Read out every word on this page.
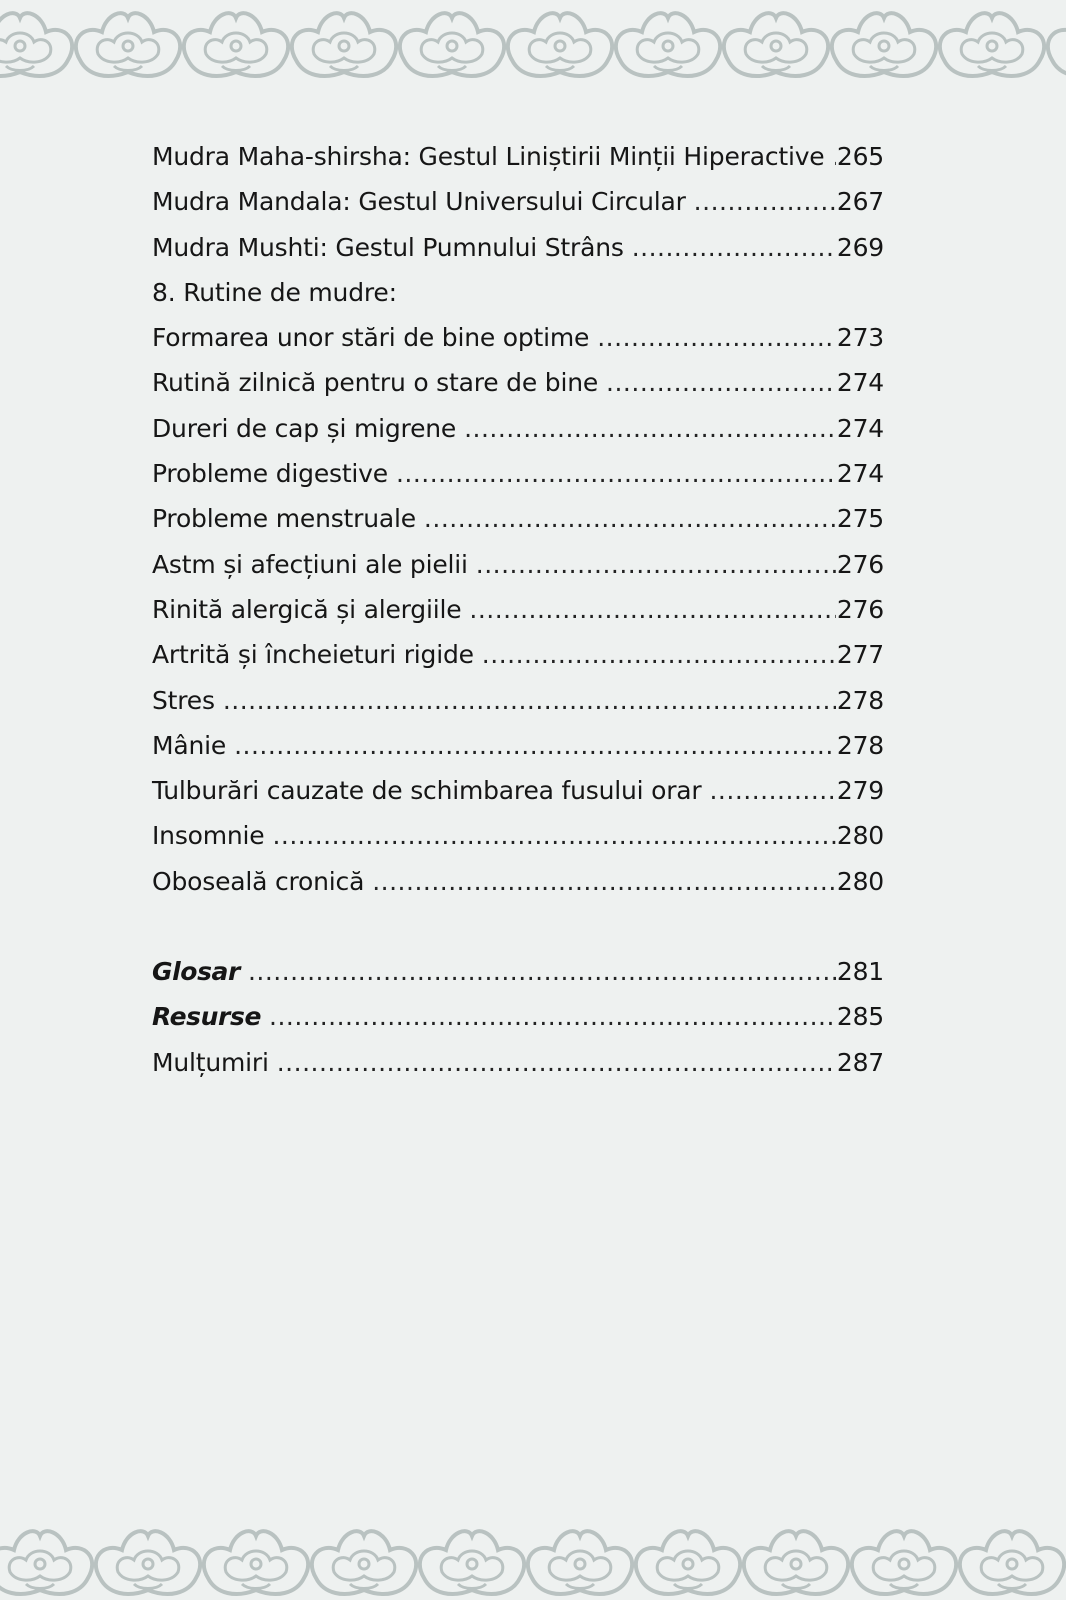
Mudra Maha-shirsha: Gestul Liniștirii Minții Hiperactive ..... 265
Mudra Mandala: Gestul Universului Circular .....	267
Mudra Mushti: Gestul Pumnului Strâns .....	269
8. Rutine de mudre:
Formarea unor stări de bine optime .....	273
Rutină zilnică pentru o stare de bine .....	274
Dureri de cap și migrene .....	274
Probleme digestive .....	274
Probleme menstruale .....	275
Astm și afecțiuni ale pielii .....	276
Rinită alergică și alergiile .....	276
Artrită și încheieturi rigide .....	277
Stres .....	278
Mânie .....	278
Tulburări cauzate de schimbarea fusului orar .....	279
Insomnie .....	280
Oboseală cronică .....	280
Glosar .....	281
Resurse .....	285
Mulțumiri .....	287
